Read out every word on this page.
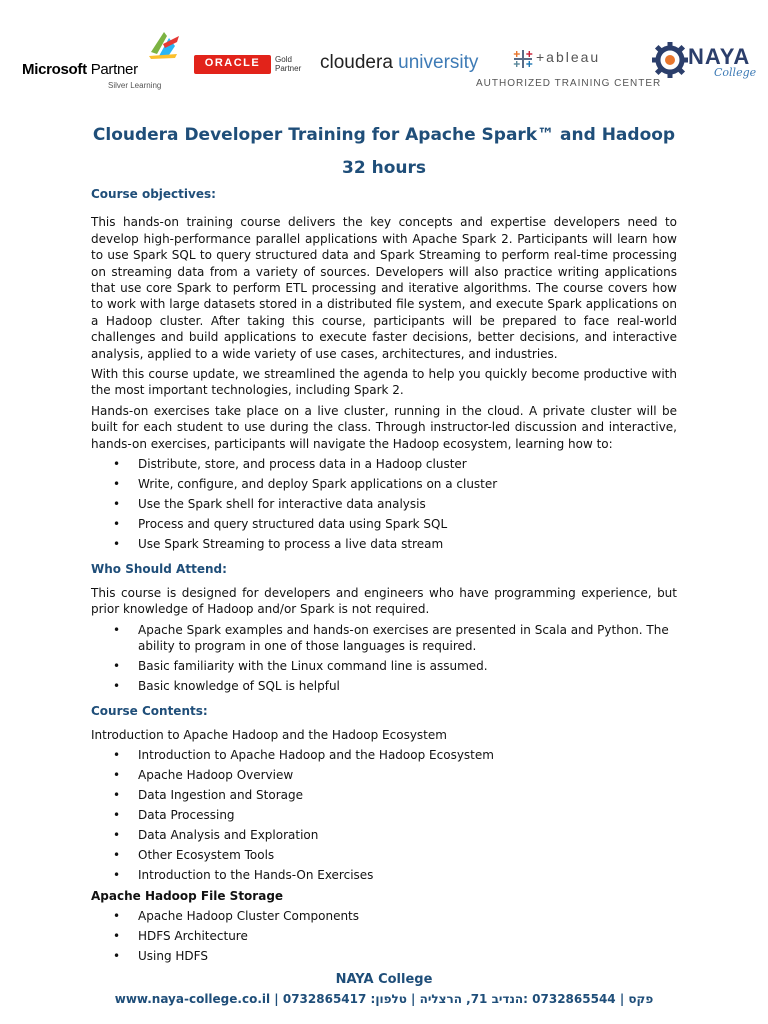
Microsoft Partner
Silver Learning
ORACLE	Gold Partner cloudera university	+ableau
AUTHORIZED TRAINING CENTER
NAYA
College
Cloudera Developer Training for Apache Spark™ and Hadoop
32 hours

Course objectives:

This hands-on training course delivers the key concepts and expertise developers need to develop high-performance parallel applications with Apache Spark 2. Participants will learn how to use Spark SQL to query structured data and Spark Streaming to perform real-time processing on streaming data from a variety of sources. Developers will also practice writing applications that use core Spark to perform ETL processing and iterative algorithms. The course covers how to work with large datasets stored in a distributed file system, and execute Spark applications on a Hadoop cluster. After taking this course, participants will be prepared to face real-world challenges and build applications to execute faster decisions, better decisions, and interactive analysis, applied to a wide variety of use cases, architectures, and industries.

With this course update, we streamlined the agenda to help you quickly become productive with the most important technologies, including Spark 2.

Hands-on exercises take place on a live cluster, running in the cloud. A private cluster will be built for each student to use during the class. Through instructor-led discussion and interactive, hands-on exercises, participants will navigate the Hadoop ecosystem, learning how to:

• Distribute, store, and process data in a Hadoop cluster
• Write, configure, and deploy Spark applications on a cluster
• Use the Spark shell for interactive data analysis
• Process and query structured data using Spark SQL
• Use Spark Streaming to process a live data stream

Who Should Attend:

This course is designed for developers and engineers who have programming experience, but prior knowledge of Hadoop and/or Spark is not required.

• Apache Spark examples and hands-on exercises are presented in Scala and Python. The ability to program in one of those languages is required.
• Basic familiarity with the Linux command line is assumed.
• Basic knowledge of SQL is helpful

Course Contents:

Introduction to Apache Hadoop and the Hadoop Ecosystem

• Introduction to Apache Hadoop and the Hadoop Ecosystem
• Apache Hadoop Overview
• Data Ingestion and Storage
• Data Processing
• Data Analysis and Exploration
• Other Ecosystem Tools
• Introduction to the Hands-On Exercises

Apache Hadoop File Storage

• Apache Hadoop Cluster Components
• HDFS Architecture
• Using HDFS
NAYA College
www.naya-college.co.il | 0732865417 :פקס | 0732865544 :הנדיב 71, הרצליה | טלפון
